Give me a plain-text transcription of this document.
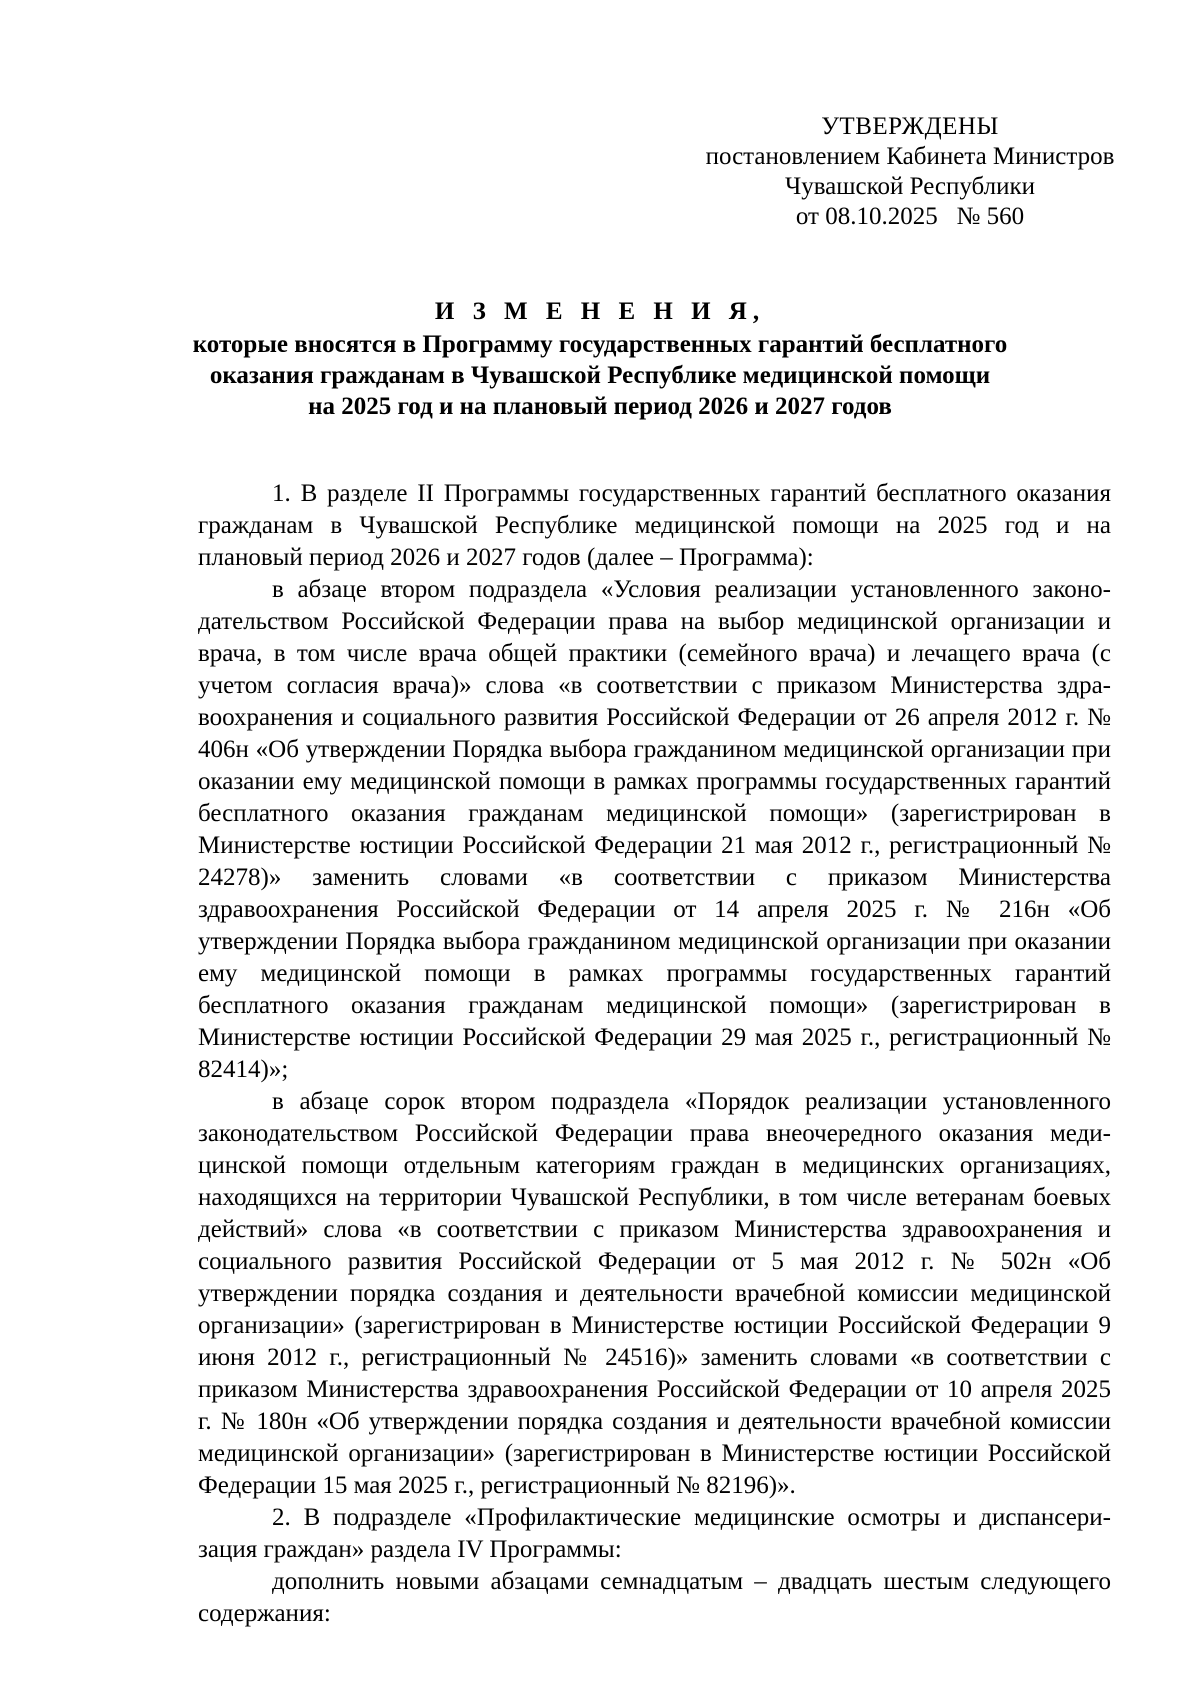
УТВЕРЖДЕНЫ
постановлением Кабинета Министров
Чувашской Республики
от 08.10.2025   № 560
И З М Е Н Е Н И Я,
которые вносятся в Программу государственных гарантий бесплатного
оказания гражданам в Чувашской Республике медицинской помощи
на 2025 год и на плановый период 2026 и 2027 годов

1. В разделе II Программы государственных гарантий бесплатного оказания гражданам в Чувашской Республике медицинской помощи на 2025 год и на плановый период 2026 и 2027 годов (далее – Программа):

в абзаце втором подраздела «Условия реализации установленного законодательством Российской Федерации права на выбор медицинской организации и врача, в том числе врача общей практики (семейного врача) и лечащего врача (с учетом согласия врача)» слова «в соответствии с приказом Министерства здравоохранения и социального развития Российской Федерации от 26 апреля 2012 г. № 406н «Об утверждении Порядка выбора гражданином медицинской организации при оказании ему медицинской помощи в рамках программы государственных гарантий бесплатного оказания гражданам медицинской помощи» (зарегистрирован в Министерстве юстиции Российской Федерации 21 мая 2012 г., регистрационный № 24278)» заменить словами «в соответствии с приказом Министерства здравоохранения Российской Федерации от 14 апреля 2025 г. № 216н «Об утверждении Порядка выбора гражданином медицинской организации при оказании ему медицинской помощи в рамках программы государственных гарантий бесплатного оказания гражданам медицинской помощи» (зарегистрирован в Министерстве юстиции Российской Федерации 29 мая 2025 г., регистрационный № 82414)»;

в абзаце сорок втором подраздела «Порядок реализации установленного законодательством Российской Федерации права внеочередного оказания медицинской помощи отдельным категориям граждан в медицинских организациях, находящихся на территории Чувашской Республики, в том числе ветеранам боевых действий» слова «в соответствии с приказом Министерства здравоохранения и социального развития Российской Федерации от 5 мая 2012 г. № 502н «Об утверждении порядка создания и деятельности врачебной комиссии медицинской организации» (зарегистрирован в Министерстве юстиции Российской Федерации 9 июня 2012 г., регистрационный № 24516)» заменить словами «в соответствии с приказом Министерства здравоохранения Российской Федерации от 10 апреля 2025 г. № 180н «Об утверждении порядка создания и деятельности врачебной комиссии медицинской организации» (зарегистрирован в Министерстве юстиции Российской Федерации 15 мая 2025 г., регистрационный № 82196)».

2. В подразделе «Профилактические медицинские осмотры и диспансеризация граждан» раздела IV Программы:

дополнить новыми абзацами семнадцатым – двадцать шестым следующего содержания:
